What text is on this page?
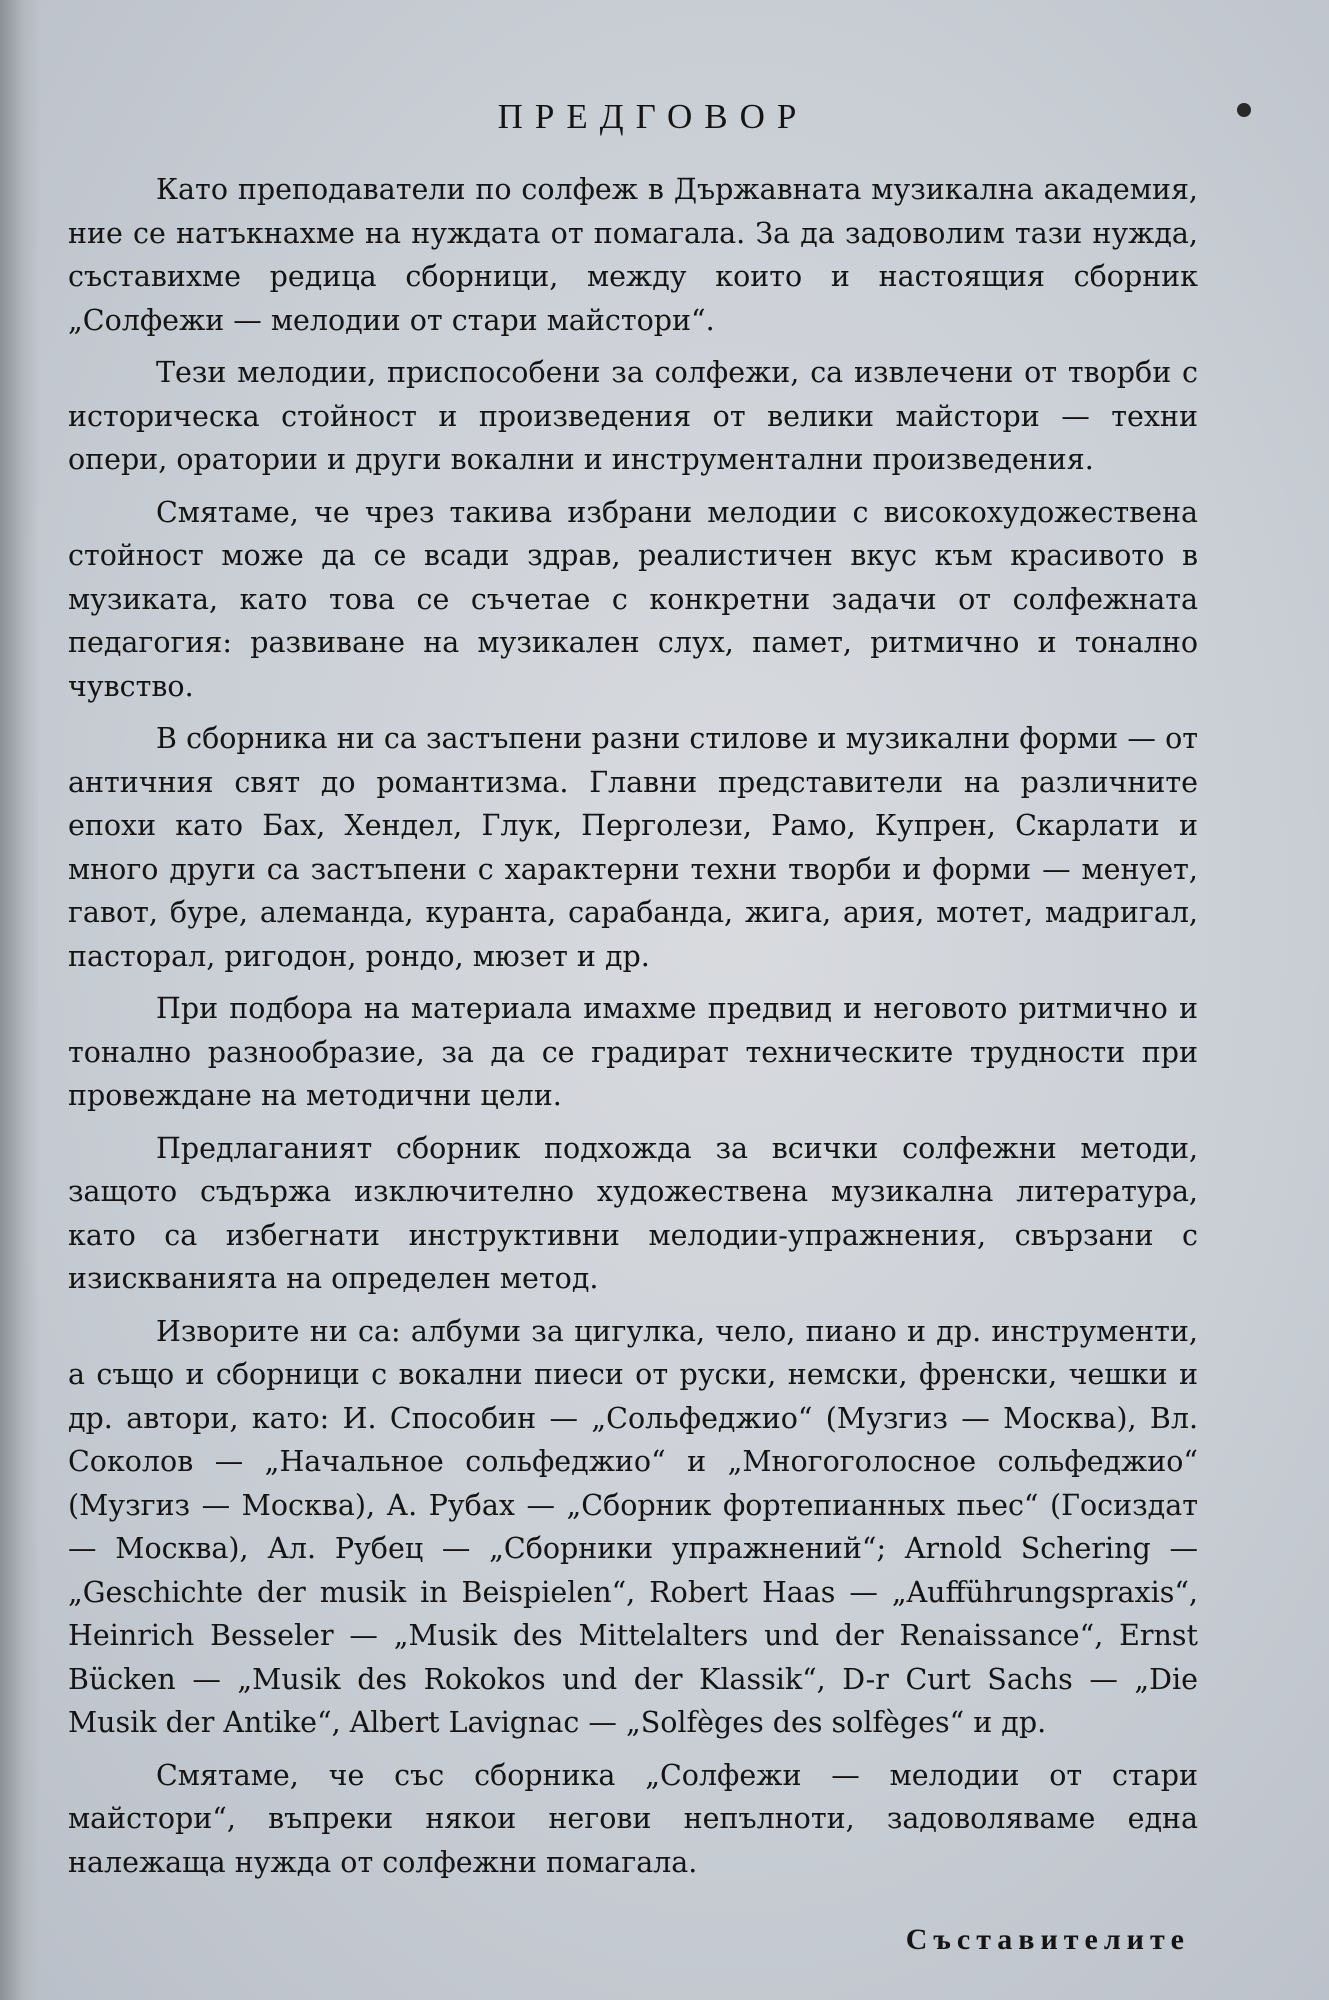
ПРЕДГОВОР

Като преподаватели по солфеж в Държавната музикална академия, ние се натъкнахме на нуждата от помагала. За да задоволим тази нужда, съставихме редица сборници, между които и настоящия сборник „Солфежи — мелодии от стари майстори“.

Тези мелодии, приспособени за солфежи, са извлечени от творби с историческа стойност и произведения от велики майстори — техни опери, оратории и други вокални и инструментални произведения.

Смятаме, че чрез такива избрани мелодии с високохудожествена стойност може да се всади здрав, реалистичен вкус към красивото в музиката, като това се съчетае с конкретни задачи от солфежната педагогия: развиване на музикален слух, памет, ритмично и тонално чувство.

В сборника ни са застъпени разни стилове и музикални форми — от античния свят до романтизма. Главни представители на различните епохи като Бах, Хендел, Глук, Перголези, Рамо, Купрен, Скарлати и много други са застъпени с характерни техни творби и форми — менует, гавот, буре, алеманда, куранта, сарабанда, жига, ария, мотет, мадригал, пасторал, ригодон, рондо, мюзет и др.

При подбора на материала имахме предвид и неговото ритмично и тонално разнообразие, за да се градират техническите трудности при провеждане на методични цели.

Предлаганият сборник подхожда за всички солфежни методи, защото съдържа изключително художествена музикална литература, като са избегнати инструктивни мелодии-упражнения, свързани с изискванията на определен метод.

Изворите ни са: албуми за цигулка, чело, пиано и др. инструменти, а също и сборници с вокални пиеси от руски, немски, френски, чешки и др. автори, като: И. Способин — „Сольфеджио“ (Музгиз — Москва), Вл. Соколов — „Начальное сольфеджио“ и „Многоголосное сольфеджио“ (Музгиз — Москва), А. Рубах — „Сборник фортепианных пьес“ (Госиздат — Москва), Ал. Рубец — „Сборники упражнений“; Arnold Schering — „Geschichte der musik in Beispielen“, Robert Haas — „Aufführungspraxis“, Heinrich Besseler — „Musik des Mittelalters und der Renaissance“, Ernst Bücken — „Musik des Rokokos und der Klassik“, D-r Curt Sachs — „Die Musik der Antike“, Albert Lavignac — „Solfèges des solfèges“ и др.

Смятаме, че със сборника „Солфежи — мелодии от стари майстори“, въпреки някои негови непълноти, задоволяваме една належаща нужда от солфежни помагала.

Съставителите
